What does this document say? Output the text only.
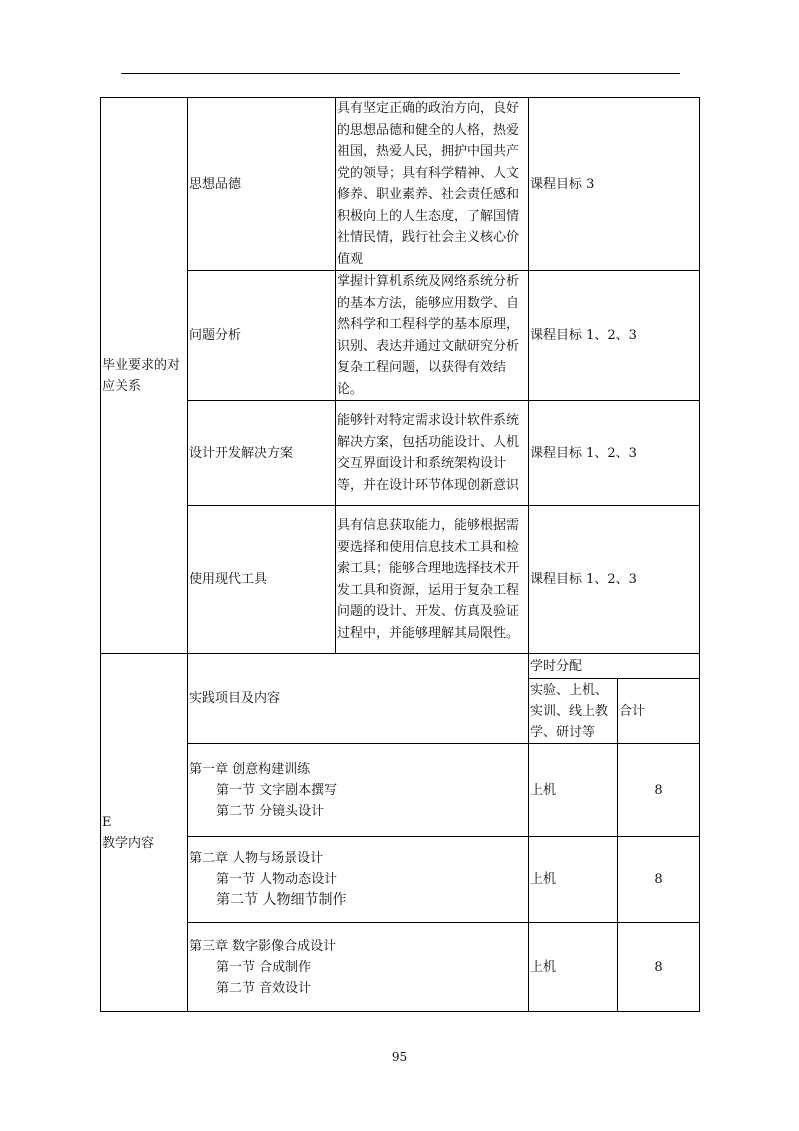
毕业要求的对应关系	思想品德	具有坚定正确的政治方向，良好的思想品德和健全的人格，热爱祖国，热爱人民，拥护中国共产党的领导；具有科学精神、人文修养、职业素养、社会责任感和积极向上的人生态度，了解国情社情民情，践行社会主义核心价值观	课程目标 3	
	问题分析	掌握计算机系统及网络系统分析的基本方法，能够应用数学、自然科学和工程科学的基本原理，识别、表达并通过文献研究分析复杂工程问题，以获得有效结论。	课程目标 1、2、3	
	设计开发解决方案	能够针对特定需求设计软件系统解决方案，包括功能设计、人机交互界面设计和系统架构设计等，并在设计环节体现创新意识	课程目标 1、2、3	
	使用现代工具	具有信息获取能力，能够根据需要选择和使用信息技术工具和检索工具；能够合理地选择技术开发工具和资源，运用于复杂工程问题的设计、开发、仿真及验证过程中，并能够理解其局限性。	课程目标 1、2、3	

E
教学内容	实践项目及内容		学时分配	
			实验、上机、实训、线上教学、研讨等	合计

	第一章 创意构建训练
第一节 文字剧本撰写
第二节 分镜头设计		上机	8

	第二章 人物与场景设计
第一节 人物动态设计
第二节 人物细节制作		上机	8

	第三章 数字影像合成设计
第一节 合成制作
第二节 音效设计		上机	8
95
